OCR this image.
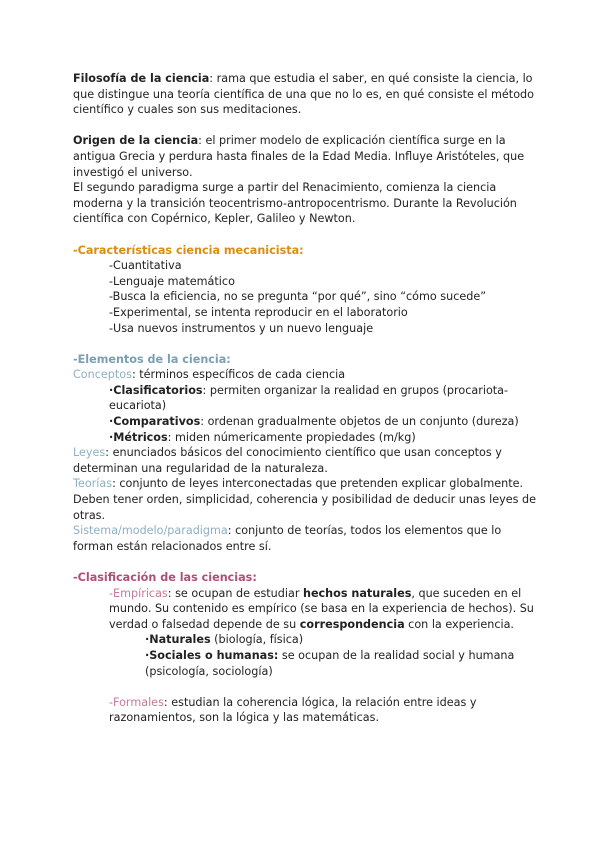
Filosofía de la ciencia: rama que estudia el saber, en qué consiste la ciencia, lo que distingue una teoría científica de una que no lo es, en qué consiste el método científico y cuales son sus meditaciones.

Origen de la ciencia: el primer modelo de explicación científica surge en la antigua Grecia y perdura hasta finales de la Edad Media. Influye Aristóteles, que investigó el universo.

El segundo paradigma surge a partir del Renacimiento, comienza la ciencia moderna y la transición teocentrismo-antropocentrismo. Durante la Revolución científica con Copérnico, Kepler, Galileo y Newton.

-Características ciencia mecanicista:

-Cuantitativa

-Lenguaje matemático

-Busca la eficiencia, no se pregunta “por qué”, sino “cómo sucede”

-Experimental, se intenta reproducir en el laboratorio

-Usa nuevos instrumentos y un nuevo lenguaje

-Elementos de la ciencia:

Conceptos: términos específicos de cada ciencia

·Clasificatorios: permiten organizar la realidad en grupos (procariota-eucariota)

·Comparativos: ordenan gradualmente objetos de un conjunto (dureza)

·Métricos: miden númericamente propiedades (m/kg)

Leyes: enunciados básicos del conocimiento científico que usan conceptos y determinan una regularidad de la naturaleza.

Teorías: conjunto de leyes interconectadas que pretenden explicar globalmente. Deben tener orden, simplicidad, coherencia y posibilidad de deducir unas leyes de otras.

Sistema/modelo/paradigma: conjunto de teorías, todos los elementos que lo forman están relacionados entre sí.

-Clasificación de las ciencias:

-Empíricas: se ocupan de estudiar hechos naturales, que suceden en el mundo. Su contenido es empírico (se basa en la experiencia de hechos). Su verdad o falsedad depende de su correspondencia con la experiencia.

·Naturales (biología, física)

·Sociales o humanas: se ocupan de la realidad social y humana (psicología, sociología)

-Formales: estudian la coherencia lógica, la relación entre ideas y razonamientos, son la lógica y las matemáticas.
